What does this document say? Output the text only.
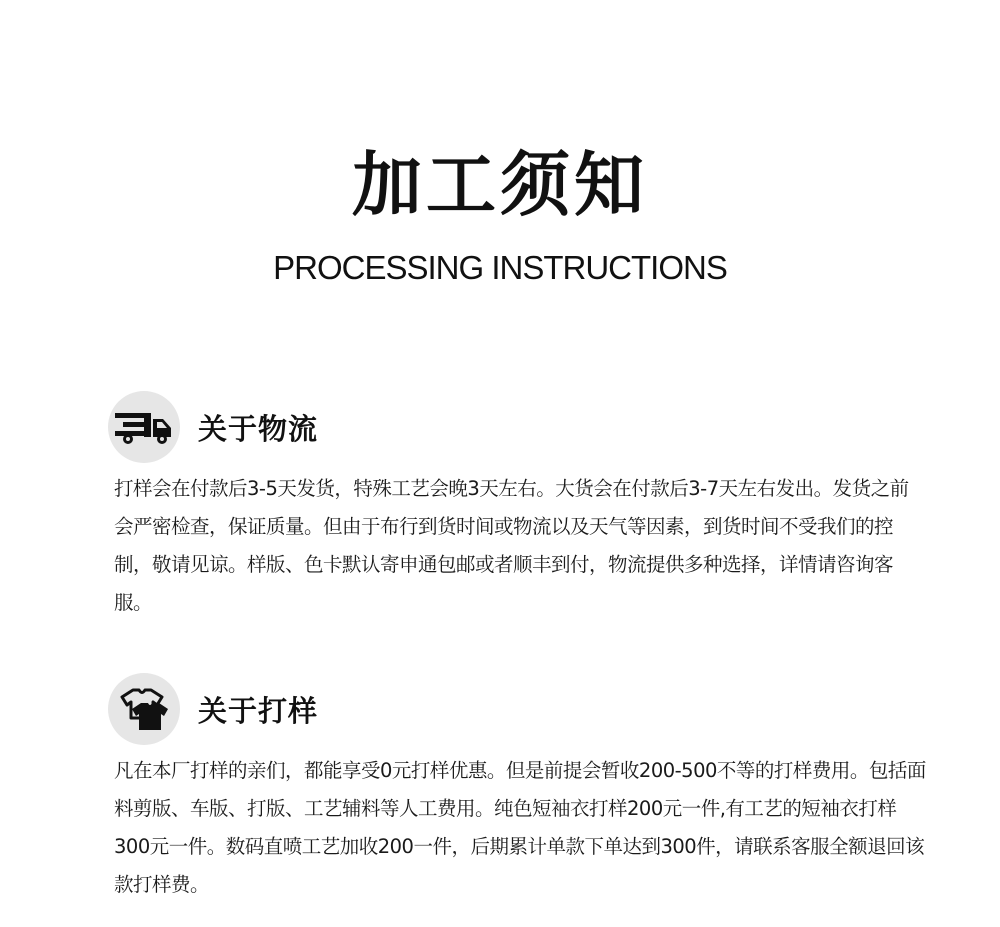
加工须知
PROCESSING INSTRUCTIONS
关于物流
打样会在付款后3-5天发货，特殊工艺会晚3天左右。大货会在付款后3-7天左右发出。发货之前会严密检查，保证质量。但由于布行到货时间或物流以及天气等因素，到货时间不受我们的控制，敬请见谅。样版、色卡默认寄申通包邮或者顺丰到付，物流提供多种选择，详情请咨询客服。
关于打样
凡在本厂打样的亲们，都能享受0元打样优惠。但是前提会暂收200-500不等的打样费用。包括面料剪版、车版、打版、工艺辅料等人工费用。纯色短袖衣打样200元一件,有工艺的短袖衣打样300元一件。数码直喷工艺加收200一件，后期累计单款下单达到300件，请联系客服全额退回该款打样费。
